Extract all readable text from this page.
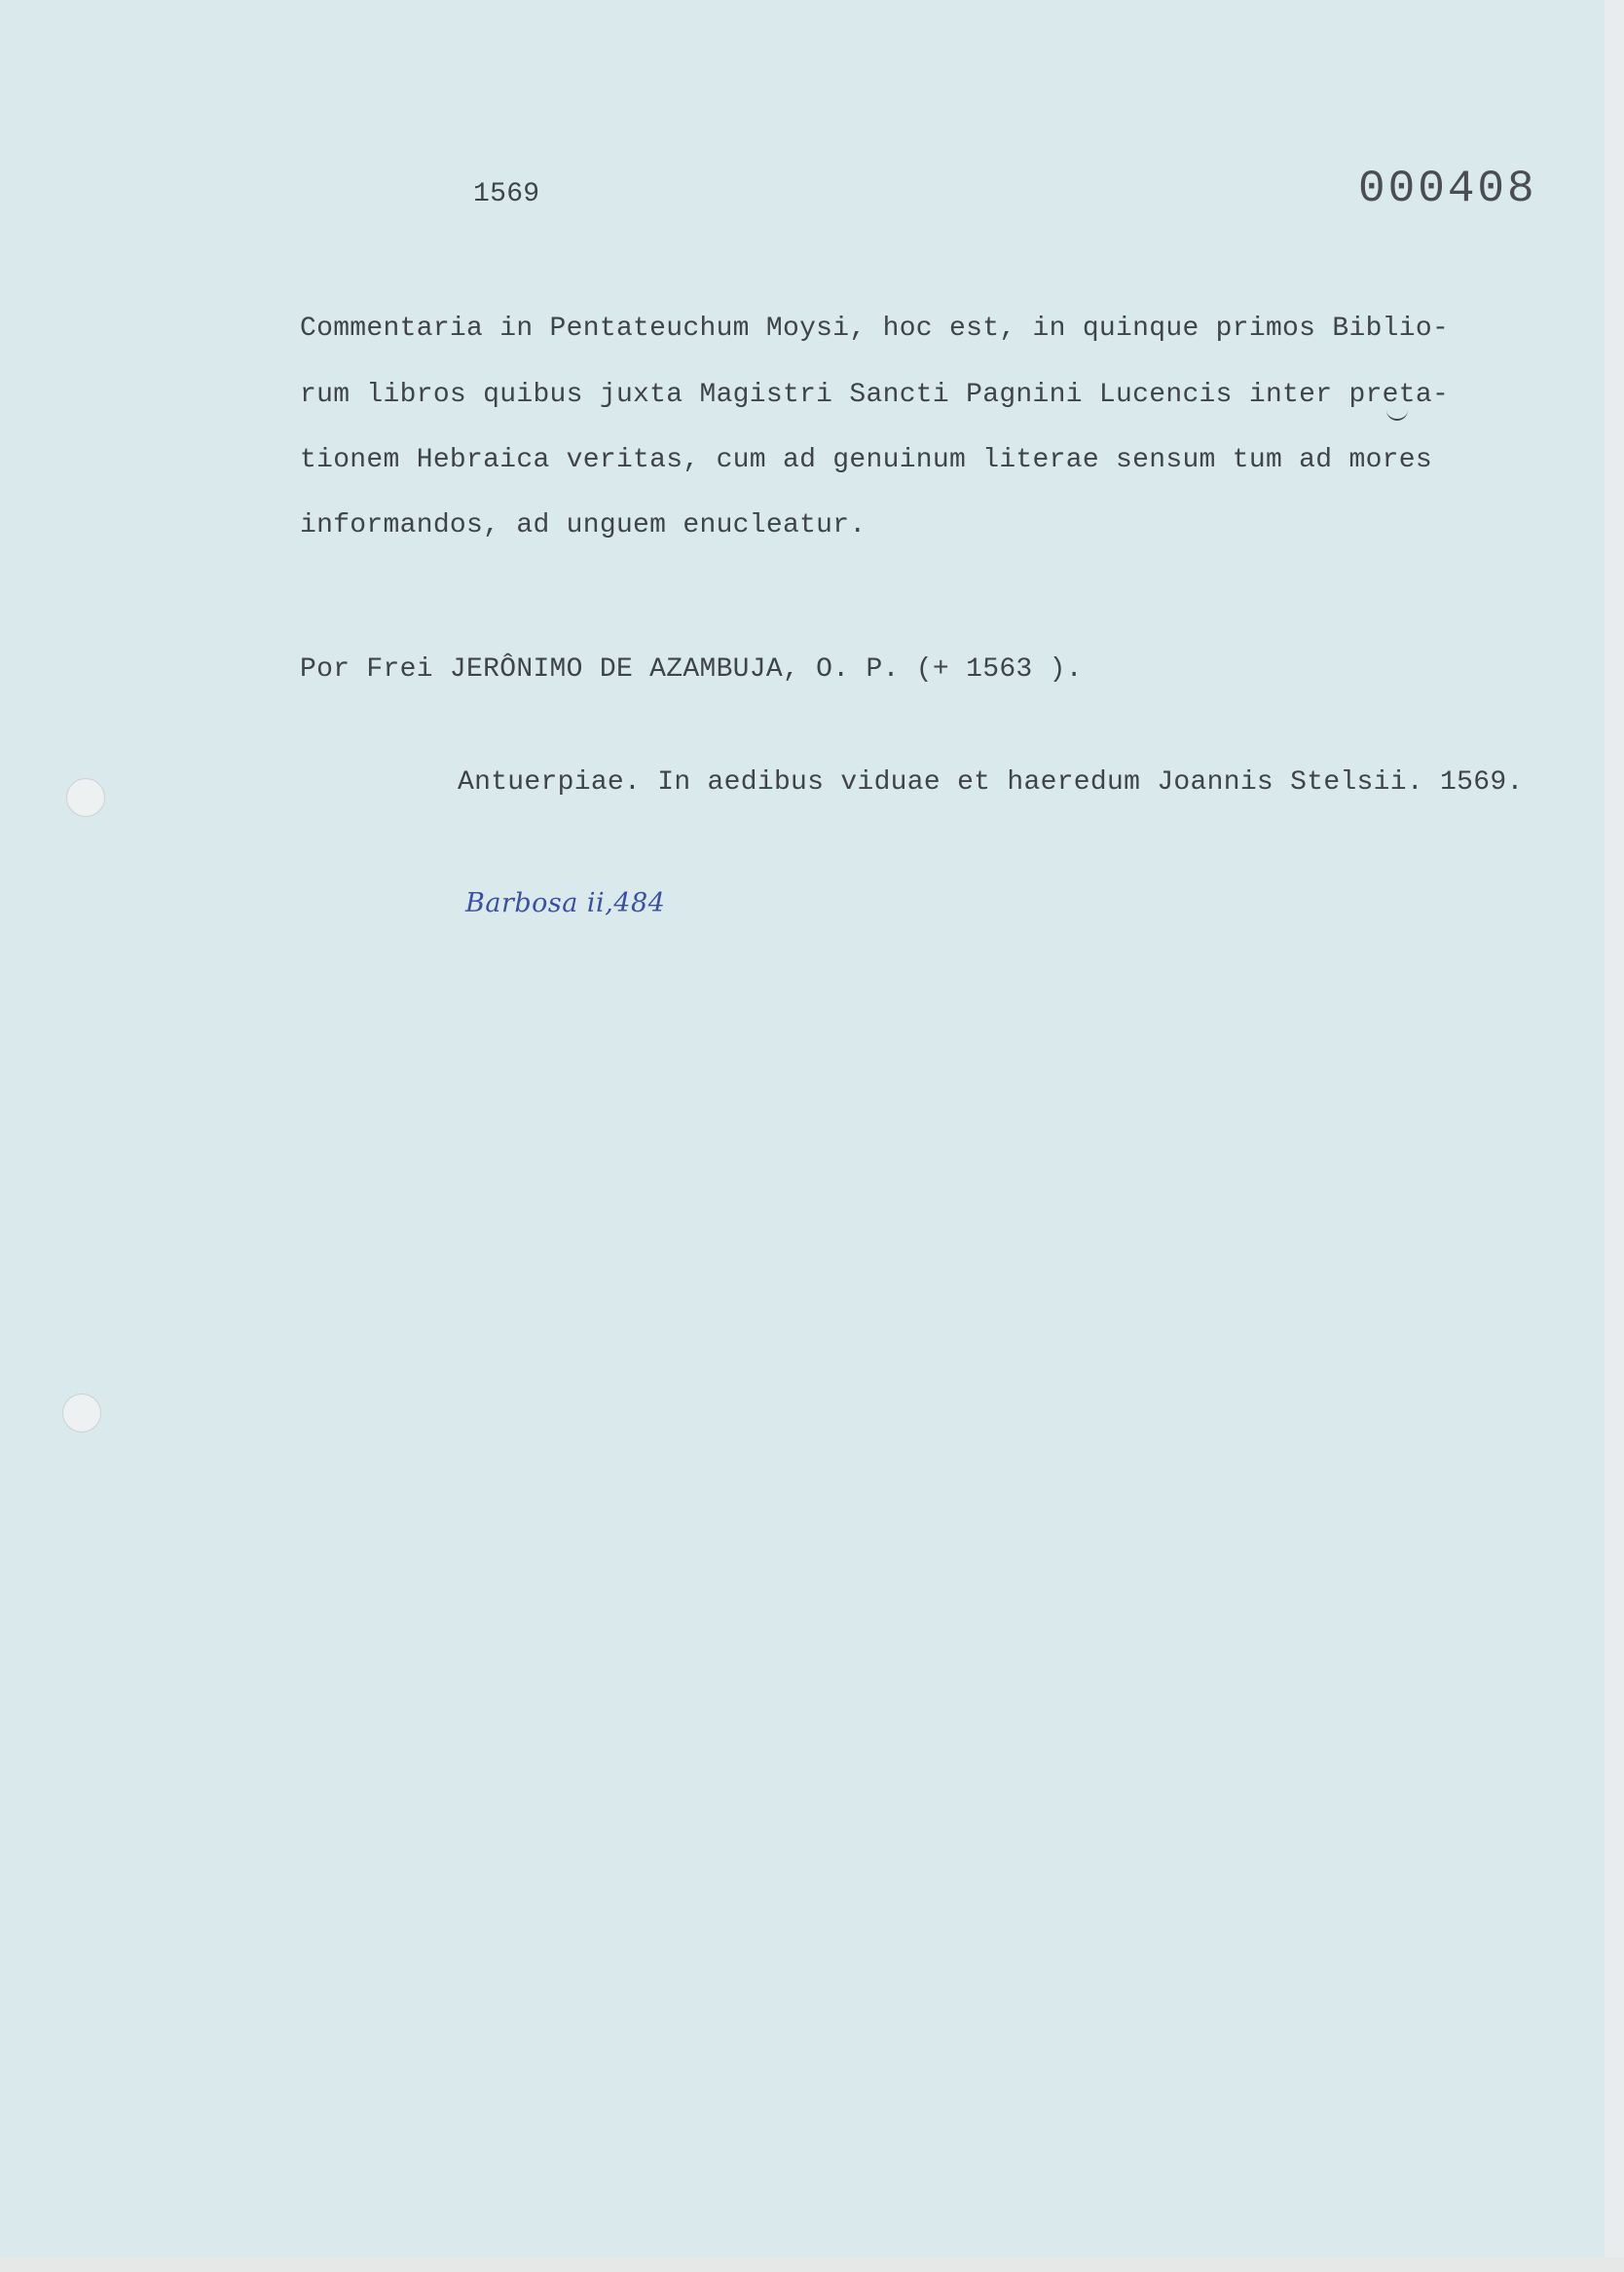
1569	000408
Commentaria in Pentateuchum Moysi, hoc est, in quinque primos Biblio-
rum libros quibus juxta Magistri Sancti Pagnini Lucencis inter preta-
tionem Hebraica veritas, cum ad genuinum literae sensum tum ad mores
informandos, ad unguem enucleatur.
Por Frei JERÔNIMO DE AZAMBUJA, O. P. (+ 1563 ).
Antuerpiae. In aedibus viduae et haeredum Joannis Stelsii. 1569.
Barbosa ii,484
